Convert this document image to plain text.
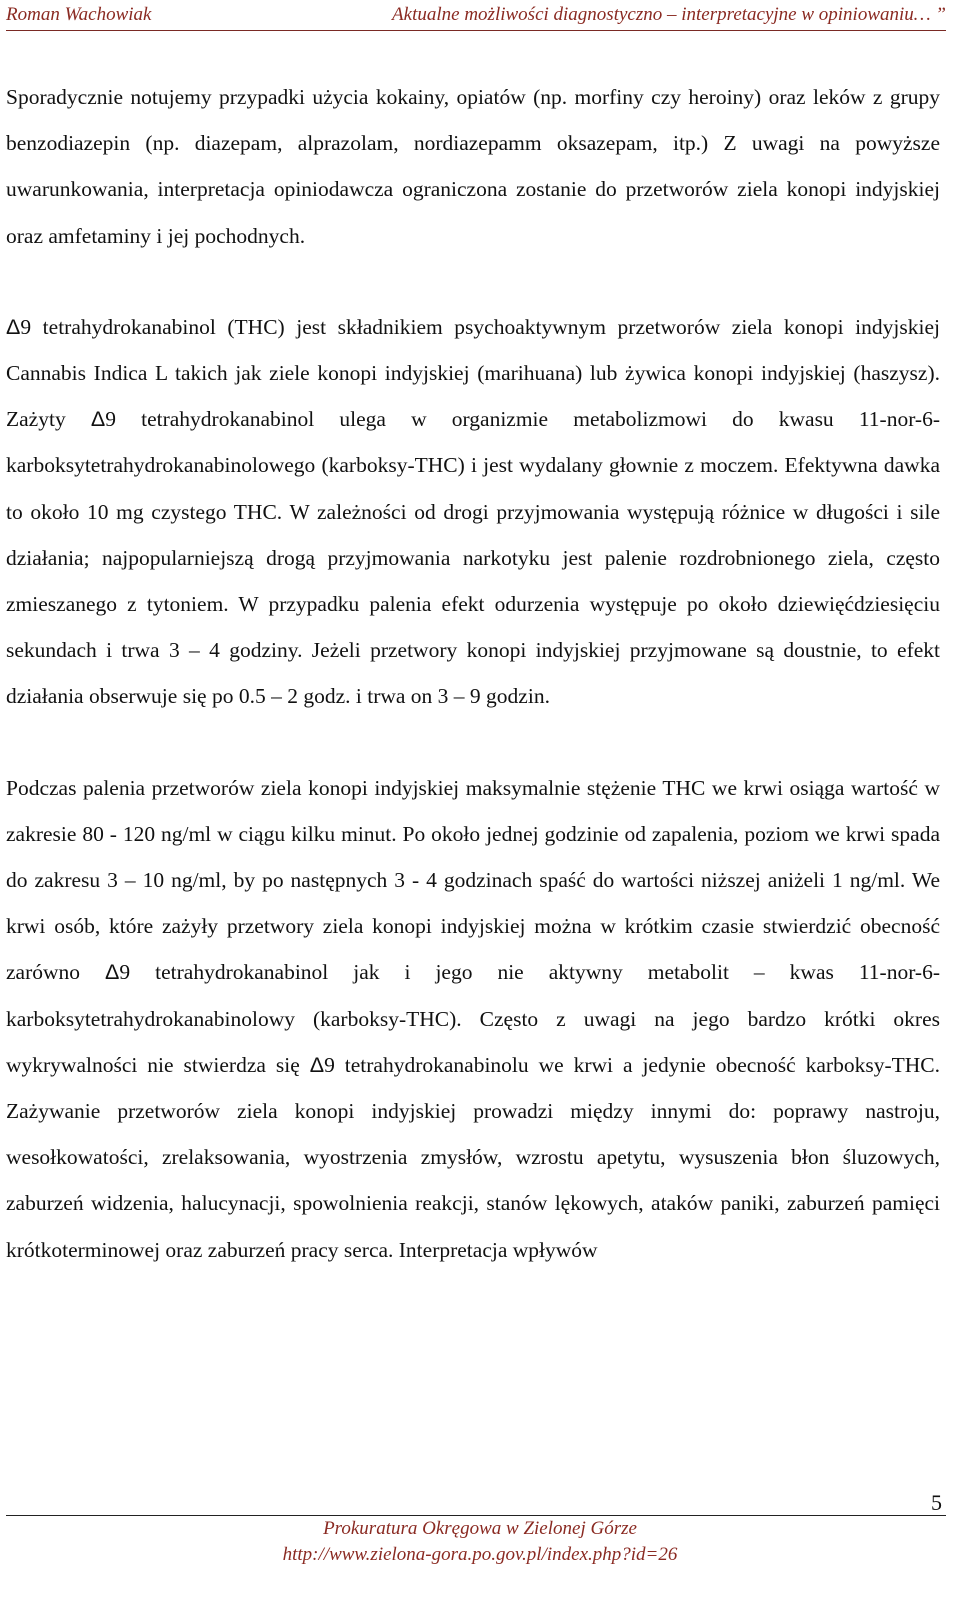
Roman Wachowiak	Aktualne możliwości diagnostyczno – interpretacyjne w opiniowaniu… ”

Sporadycznie notujemy przypadki użycia kokainy, opiatów (np. morfiny czy heroiny) oraz leków z grupy benzodiazepin (np. diazepam, alprazolam, nordiazepamm oksazepam, itp.) Z uwagi na powyższe uwarunkowania, interpretacja opiniodawcza ograniczona zostanie do przetworów ziela konopi indyjskiej oraz amfetaminy i jej pochodnych.

Δ9 tetrahydrokanabinol (THC) jest składnikiem psychoaktywnym przetworów ziela konopi indyjskiej Cannabis Indica L takich jak ziele konopi indyjskiej (marihuana) lub żywica konopi indyjskiej (haszysz). Zażyty Δ9 tetrahydrokanabinol ulega w organizmie metabolizmowi do kwasu 11-nor-6-karboksytetrahydrokanabinolowego (karboksy-THC) i jest wydalany głownie z moczem. Efektywna dawka to około 10 mg czystego THC. W zależności od drogi przyjmowania występują różnice w długości i sile działania; najpopularniejszą drogą przyjmowania narkotyku jest palenie rozdrobnionego ziela, często zmieszanego z tytoniem. W przypadku palenia efekt odurzenia występuje po około dziewięćdziesięciu sekundach i trwa 3 – 4 godziny. Jeżeli przetwory konopi indyjskiej przyjmowane są doustnie, to efekt działania obserwuje się po 0.5 – 2 godz. i trwa on 3 – 9 godzin.

Podczas palenia przetworów ziela konopi indyjskiej maksymalnie stężenie THC we krwi osiąga wartość w zakresie 80 - 120 ng/ml w ciągu kilku minut. Po około jednej godzinie od zapalenia, poziom we krwi spada do zakresu 3 – 10 ng/ml, by po następnych 3 - 4 godzinach spaść do wartości niższej aniżeli 1 ng/ml. We krwi osób, które zażyły przetwory ziela konopi indyjskiej można w krótkim czasie stwierdzić obecność zarówno Δ9 tetrahydrokanabinol jak i jego nie aktywny metabolit – kwas 11-nor-6- karboksytetrahydrokanabinolowy (karboksy-THC). Często z uwagi na jego bardzo krótki okres wykrywalności nie stwierdza się Δ9 tetrahydrokanabinolu we krwi a jedynie obecność karboksy-THC. Zażywanie przetworów ziela konopi indyjskiej prowadzi między innymi do: poprawy nastroju, wesołkowatości, zrelaksowania, wyostrzenia zmysłów, wzrostu apetytu, wysuszenia błon śluzowych, zaburzeń widzenia, halucynacji, spowolnienia reakcji, stanów lękowych, ataków paniki, zaburzeń pamięci krótkoterminowej oraz zaburzeń pracy serca. Interpretacja wpływów

5
Prokuratura Okręgowa w Zielonej Górze
http://www.zielona-gora.po.gov.pl/index.php?id=26
